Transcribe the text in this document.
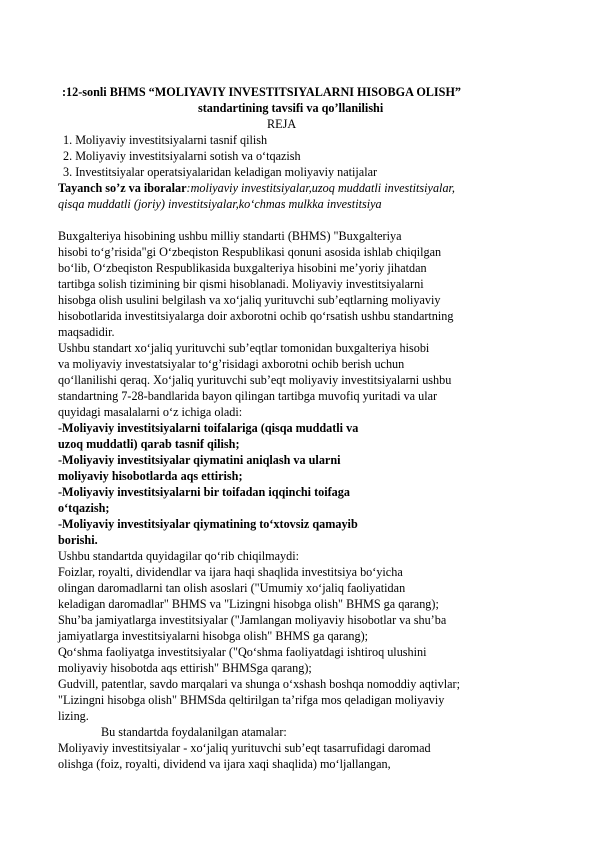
:12-sonli BHMS “MOLIYAVIY INVESTITSIYALARNI HISOBGA OLISH”
standartining tavsifi va qo’llanilishi
REJA
1. Moliyaviy investitsiyalarni tasnif qilish
2. Moliyaviy investitsiyalarni sotish va o‘tqazish
3. Investitsiyalar operatsiyalaridan keladigan moliyaviy natijalar
Tayanch so’z va iboralar:moliyaviy investitsiyalar,uzoq muddatli investitsiyalar,
qisqa muddatli (joriy) investitsiyalar,ko‘chmas mulkka investitsiya
Buxgalteriya hisobining ushbu milliy standarti (BHMS) "Buxgalteriya
hisobi to‘g’risida"gi O‘zbeqiston Respublikasi qonuni asosida ishlab chiqilgan
bo‘lib, O‘zbeqiston Respublikasida buxgalteriya hisobini me’yoriy jihatdan
tartibga solish tizimining bir qismi hisoblanadi. Moliyaviy investitsiyalarni
hisobga olish usulini belgilash va xo‘jaliq yurituvchi sub’eqtlarning moliyaviy
hisobotlarida investitsiyalarga doir axborotni ochib qo‘rsatish ushbu standartning
maqsadidir.
Ushbu standart xo‘jaliq yurituvchi sub’eqtlar tomonidan buxgalteriya hisobi
va moliyaviy investatsiyalar to‘g’risidagi axborotni ochib berish uchun
qo‘llanilishi qeraq. Xo‘jaliq yurituvchi sub’eqt moliyaviy investitsiyalarni ushbu
standartning 7-28-bandlarida bayon qilingan tartibga muvofiq yuritadi va ular
quyidagi masalalarni o‘z ichiga oladi:
-Moliyaviy investitsiyalarni toifalariga (qisqa muddatli va
uzoq muddatli) qarab tasnif qilish;
-Moliyaviy investitsiyalar qiymatini aniqlash va ularni
moliyaviy hisobotlarda aqs ettirish;
-Moliyaviy investitsiyalarni bir toifadan iqqinchi toifaga
o‘tqazish;
-Moliyaviy investitsiyalar qiymatining to‘xtovsiz qamayib
borishi.
Ushbu standartda quyidagilar qo‘rib chiqilmaydi:
Foizlar, royalti, dividendlar va ijara haqi shaqlida investitsiya bo‘yicha
olingan daromadlarni tan olish asoslari ("Umumiy xo‘jaliq faoliyatidan
keladigan daromadlar" BHMS va "Lizingni hisobga olish" BHMS ga qarang);
Shu’ba jamiyatlarga investitsiyalar ("Jamlangan moliyaviy hisobotlar va shu’ba
jamiyatlarga investitsiyalarni hisobga olish" BHMS ga qarang);
Qo‘shma faoliyatga investitsiyalar ("Qo‘shma faoliyatdagi ishtiroq ulushini
moliyaviy hisobotda aqs ettirish" BHMSga qarang);
Gudvill, patentlar, savdo marqalari va shunga o‘xshash boshqa nomoddiy aqtivlar;
"Lizingni hisobga olish" BHMSda qeltirilgan ta’rifga mos qeladigan moliyaviy
lizing.
Bu standartda foydalanilgan atamalar:
Moliyaviy investitsiyalar - xo‘jaliq yurituvchi sub’eqt tasarrufidagi daromad
olishga (foiz, royalti, dividend va ijara xaqi shaqlida) mo‘ljallangan,
